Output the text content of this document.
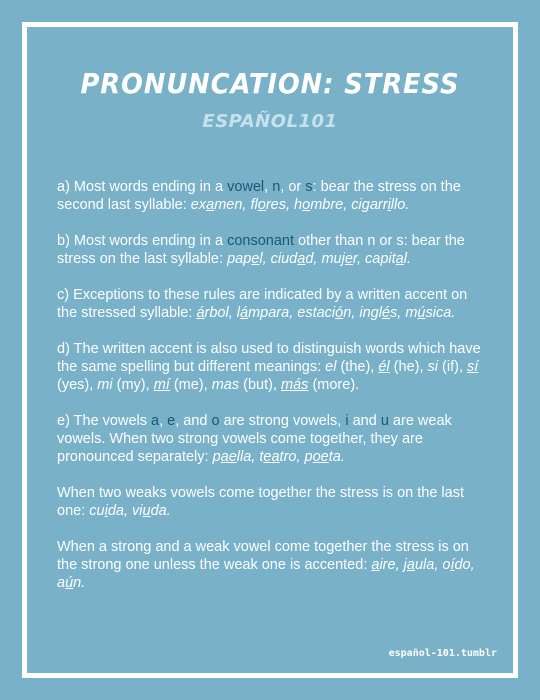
PRONUNCATION: STRESS
ESPAÑOL101

a) Most words ending in a vowel, n, or s: bear the stress on the second last syllable: examen, flores, hombre, cigarrillo.

b) Most words ending in a consonant other than n or s: bear the stress on the last syllable: papel, ciudad, mujer, capital.

c) Exceptions to these rules are indicated by a written accent on the stressed syllable: árbol, lámpara, estación, inglés, música.

d) The written accent is also used to distinguish words which have the same spelling but different meanings: el (the), él (he), si (if), sí (yes), mi (my), mí (me), mas (but), más (more).

e) The vowels a, e, and o are strong vowels, i and u are weak vowels. When two strong vowels come together, they are pronounced separately: paella, teatro, poeta.

When two weaks vowels come together the stress is on the last one: cuida, viuda.

When a strong and a weak vowel come together the stress is on the strong one unless the weak one is accented: aire, jaula, oído, aún.

español-101.tumblr
